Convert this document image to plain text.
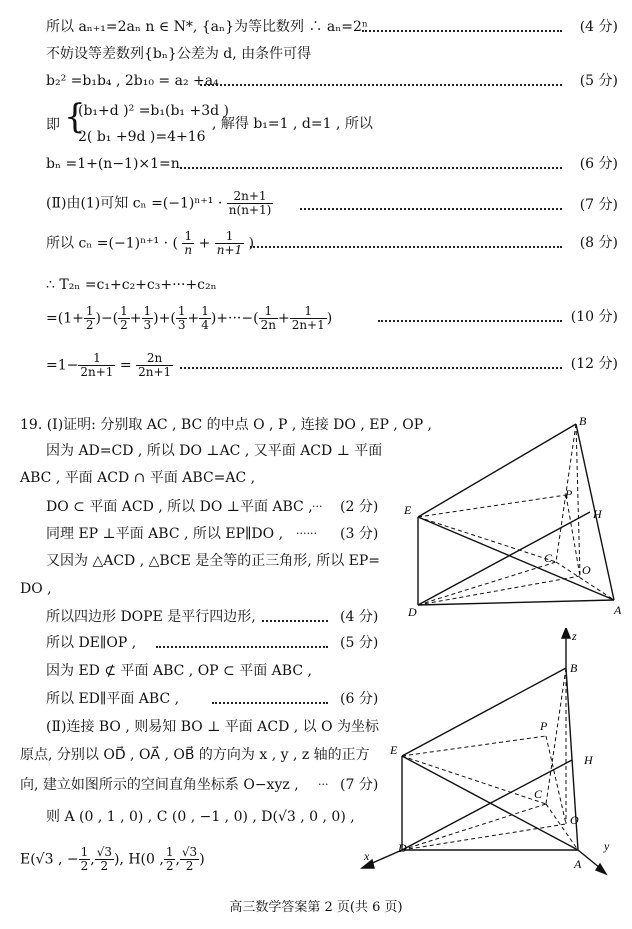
所以 aₙ₊₁=2aₙ n ∈ N*, {aₙ}为等比数列 ∴ aₙ=2ⁿ	(4 分)
不妨设等差数列{bₙ}公差为 d, 由条件可得
b₂² =b₁b₄ , 2b₁₀ = a₂ +a₄	(5 分)
即 {
(b₁+d )² =b₁(b₁ +3d )
2( b₁ +9d )=4+16
, 解得 b₁=1 , d=1 , 所以
bₙ =1+(n−1)×1=n	(6 分)
(Ⅱ)由(1)可知 $c_n =(-1)^{n+1} \cdot \frac{2n+1}{n(n+1)}$	(7 分)
所以 cₙ =(−1)ⁿ⁺¹ · ( $\frac{1}{n} + \frac{1}{n+1}$ )	(8 分)
∴ T₂ₙ =c₁+c₂+c₃+···+c₂ₙ
$=(1+ \frac{1}{2}$ )−( $\frac{1}{2} + \frac{1}{3}$ )+( $\frac{1}{3} + \frac{1}{4}$ )+···−( $\frac{1}{2n} + \frac{1}{2n+1}$ )	(10 分)
$=1- \frac{1}{2n+1} = \frac{2n}{2n+1}$	(12 分)
19. (Ⅰ)证明: 分别取 AC , BC 的中点 O , P , 连接 DO , EP , OP ,
因为 AD=CD , 所以 DO ⊥AC , 又平面 ACD ⊥ 平面
ABC , 平面 ACD ∩ 平面 ABC=AC ,
DO ⊂ 平面 ACD , 所以 DO ⊥平面 ABC , ··· (2 分)
同理 EP ⊥平面 ABC , 所以 EP∥DO , ······ (3 分)
又因为 △ACD , △BCE 是全等的正三角形, 所以 EP=
DO ,
所以四边形 DOPE 是平行四边形,	(4 分)
所以 DE∥OP ,	(5 分)
因为 ED ⊄ 平面 ABC , OP ⊂ 平面 ABC ,
所以 ED∥平面 ABC ,	(6 分)
(Ⅱ)连接 BO , 则易知 BO ⊥ 平面 ACD , 以 O 为坐标
原点, 分别以 OD⃗ , OA⃗ , OB⃗ 的方向为 x , y , z 轴的正方
向, 建立如图所示的空间直角坐标系 O−xyz , ··· (7 分)
则 A (0 , 1 , 0) , C (0 , −1 , 0) , D(√3 , 0 , 0) ,
E(√3 , − $\frac{1}{2}$ , $\frac{√3}{2}$ ), H(0 , $\frac{1}{2}$ , $\frac{√3}{2}$ )
B
P
H
E
C
O
D	A
z
B
P
E
H
C
O
D
A
x
y
高三数学答案第 2 页(共 6 页)
